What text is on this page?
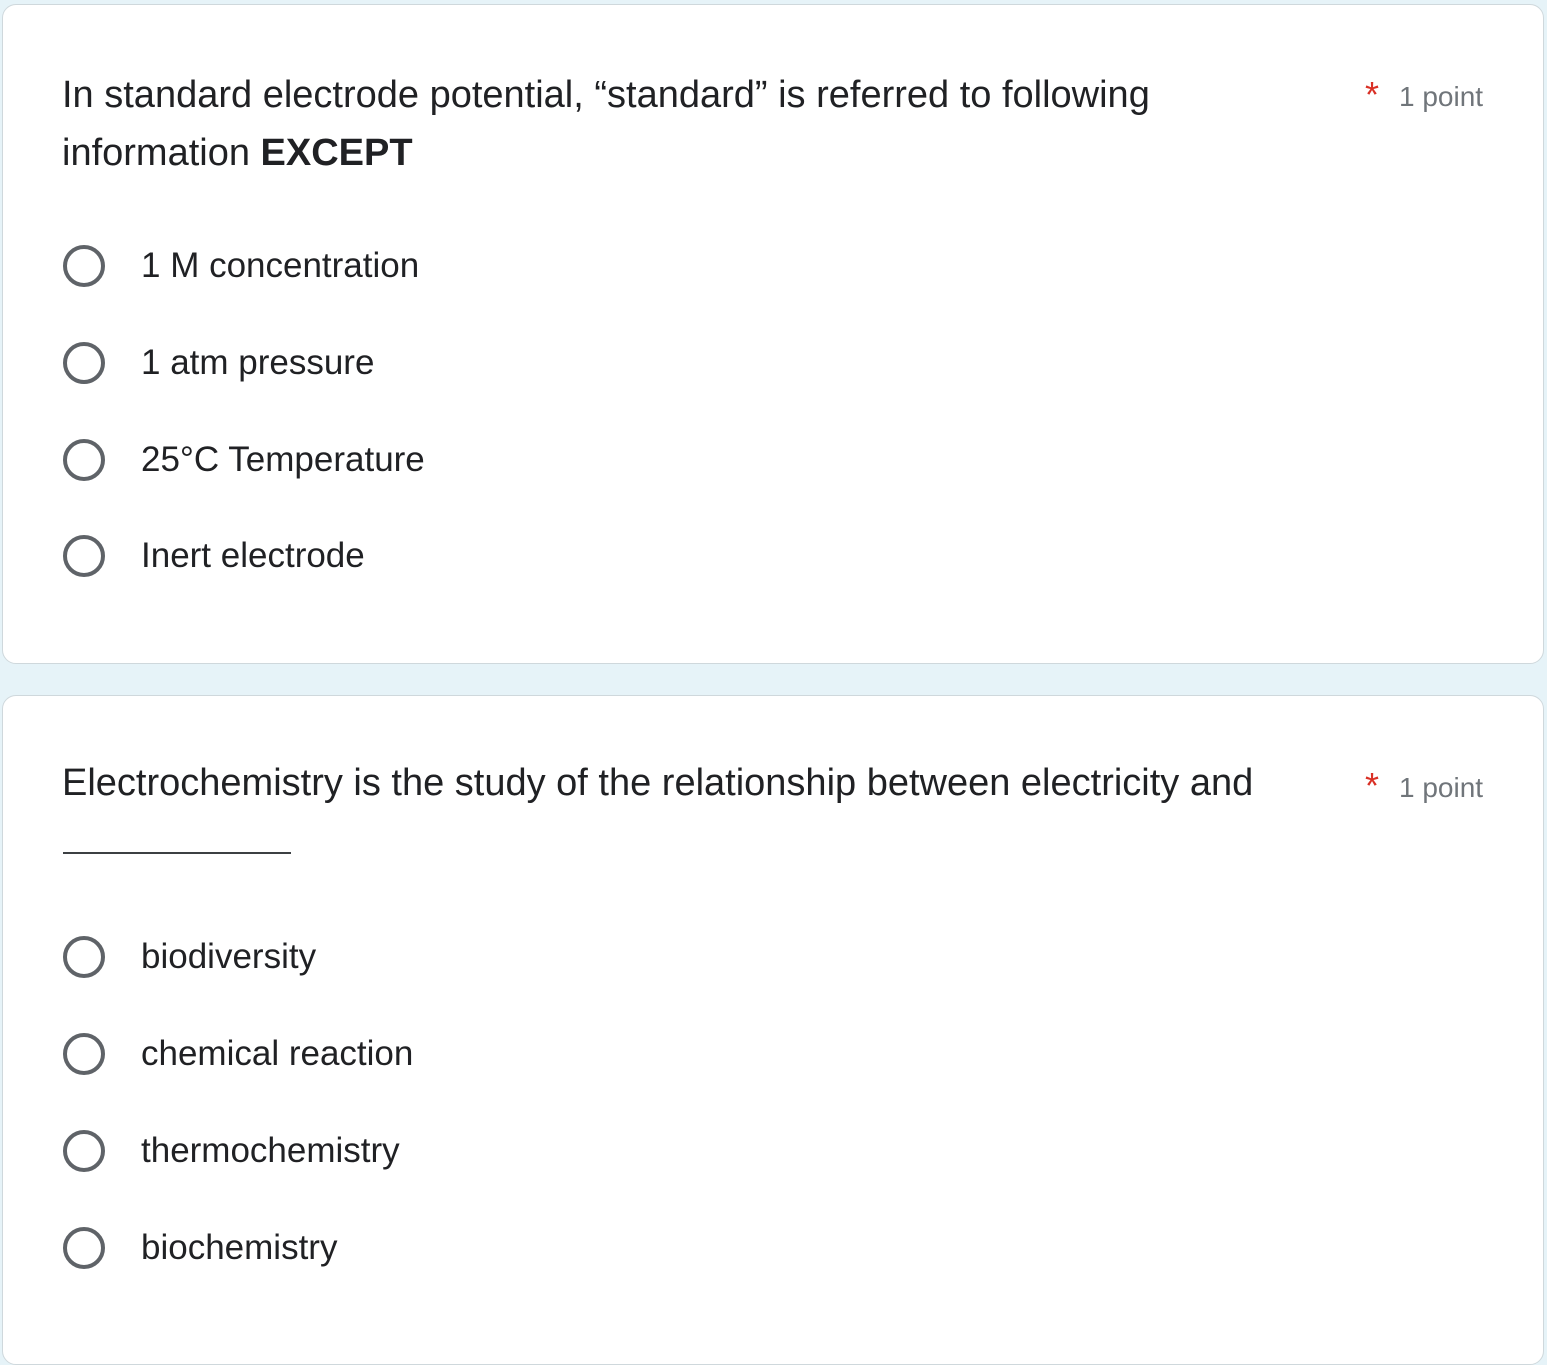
In standard electrode potential, “standard” is referred to following information EXCEPT
* 1 point
1 M concentration
1 atm pressure
25°C Temperature
Inert electrode
Electrochemistry is the study of the relationship between electricity and	* 1 point
biodiversity
chemical reaction
thermochemistry
biochemistry
